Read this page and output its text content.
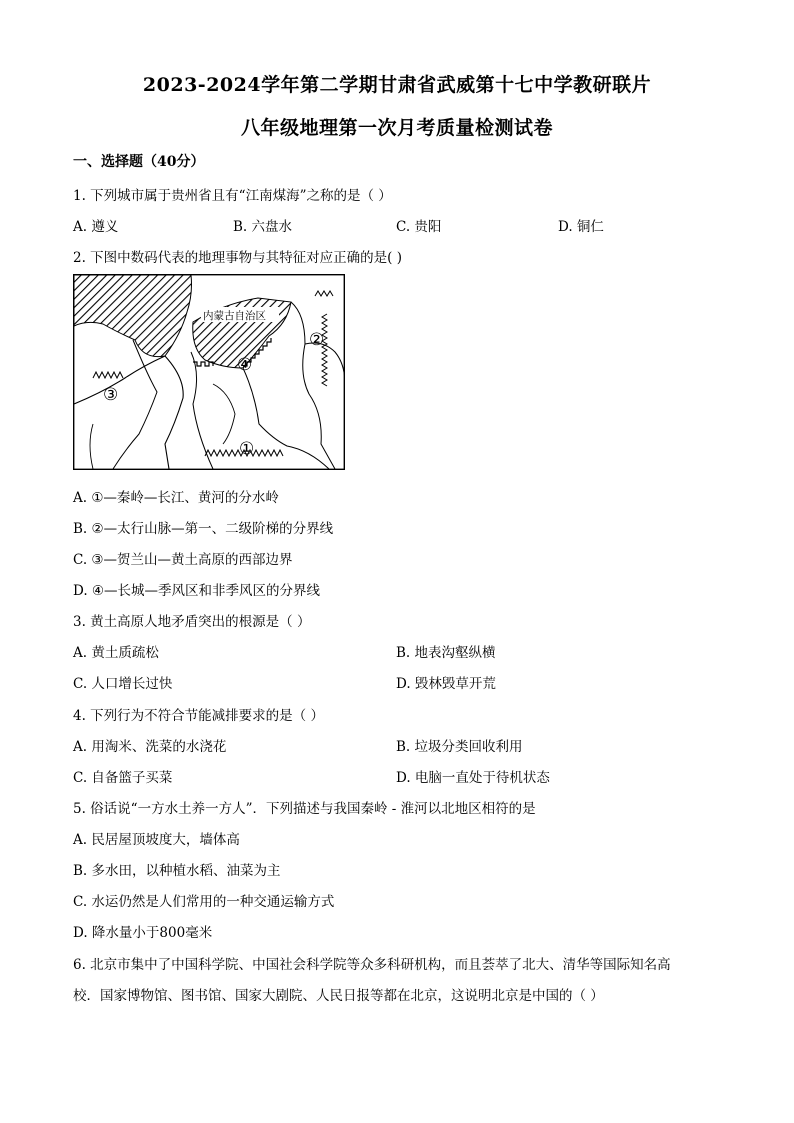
2023-2024学年第二学期甘肃省武威第十七中学教研联片
八年级地理第一次月考质量检测试卷
一、选择题（40分）
1. 下列城市属于贵州省且有“江南煤海”之称的是（ ）
A. 遵义	B. 六盘水	C. 贵阳	D. 铜仁
2. 下图中数码代表的地理事物与其特征对应正确的是( )
内蒙古自治区
②
③
④
①
A. ①—秦岭—长江、黄河的分水岭
B. ②—太行山脉—第一、二级阶梯的分界线
C. ③—贺兰山—黄土高原的西部边界
D. ④—长城—季风区和非季风区的分界线
3. 黄土高原人地矛盾突出的根源是（ ）
A. 黄土质疏松	B. 地表沟壑纵横
C. 人口增长过快	D. 毁林毁草开荒
4. 下列行为不符合节能减排要求的是（ ）
A. 用淘米、洗菜的水浇花	B. 垃圾分类回收利用
C. 自备篮子买菜	D. 电脑一直处于待机状态
5. 俗话说“一方水土养一方人”．下列描述与我国秦岭 - 淮河以北地区相符的是
A. 民居屋顶坡度大，墙体高
B. 多水田，以种植水稻、油菜为主
C. 水运仍然是人们常用的一种交通运输方式
D. 降水量小于800毫米
6. 北京市集中了中国科学院、中国社会科学院等众多科研机构，而且荟萃了北大、清华等国际知名高
校．国家博物馆、图书馆、国家大剧院、人民日报等都在北京，这说明北京是中国的（ ）
